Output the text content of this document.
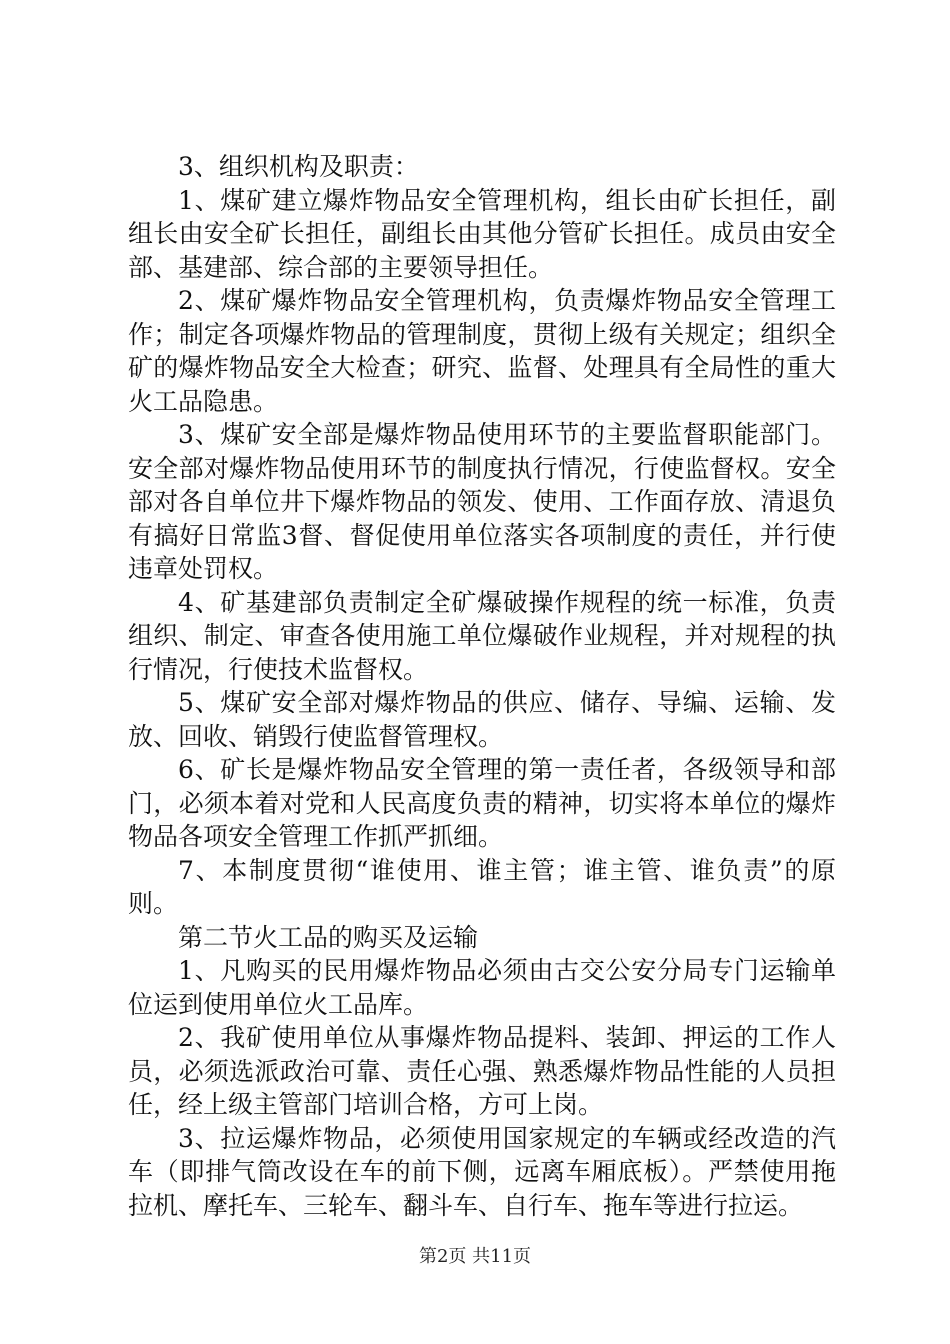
3、组织机构及职责：

1、煤矿建立爆炸物品安全管理机构，组长由矿长担任，副组长由安全矿长担任，副组长由其他分管矿长担任。成员由安全部、基建部、综合部的主要领导担任。

2、煤矿爆炸物品安全管理机构，负责爆炸物品安全管理工作；制定各项爆炸物品的管理制度，贯彻上级有关规定；组织全矿的爆炸物品安全大检查；研究、监督、处理具有全局性的重大火工品隐患。

3、煤矿安全部是爆炸物品使用环节的主要监督职能部门。安全部对爆炸物品使用环节的制度执行情况，行使监督权。安全部对各自单位井下爆炸物品的领发、使用、工作面存放、清退负有搞好日常监3督、督促使用单位落实各项制度的责任，并行使违章处罚权。

4、矿基建部负责制定全矿爆破操作规程的统一标准，负责组织、制定、审查各使用施工单位爆破作业规程，并对规程的执行情况，行使技术监督权。

5、煤矿安全部对爆炸物品的供应、储存、导编、运输、发放、回收、销毁行使监督管理权。

6、矿长是爆炸物品安全管理的第一责任者，各级领导和部门，必须本着对党和人民高度负责的精神，切实将本单位的爆炸物品各项安全管理工作抓严抓细。

7、本制度贯彻“谁使用、谁主管；谁主管、谁负责”的原则。

第二节火工品的购买及运输

1、凡购买的民用爆炸物品必须由古交公安分局专门运输单位运到使用单位火工品库。

2、我矿使用单位从事爆炸物品提料、装卸、押运的工作人员，必须选派政治可靠、责任心强、熟悉爆炸物品性能的人员担任，经上级主管部门培训合格，方可上岗。

3、拉运爆炸物品，必须使用国家规定的车辆或经改造的汽车（即排气筒改设在车的前下侧，远离车厢底板）。严禁使用拖拉机、摩托车、三轮车、翻斗车、自行车、拖车等进行拉运。

第2页 共11页
